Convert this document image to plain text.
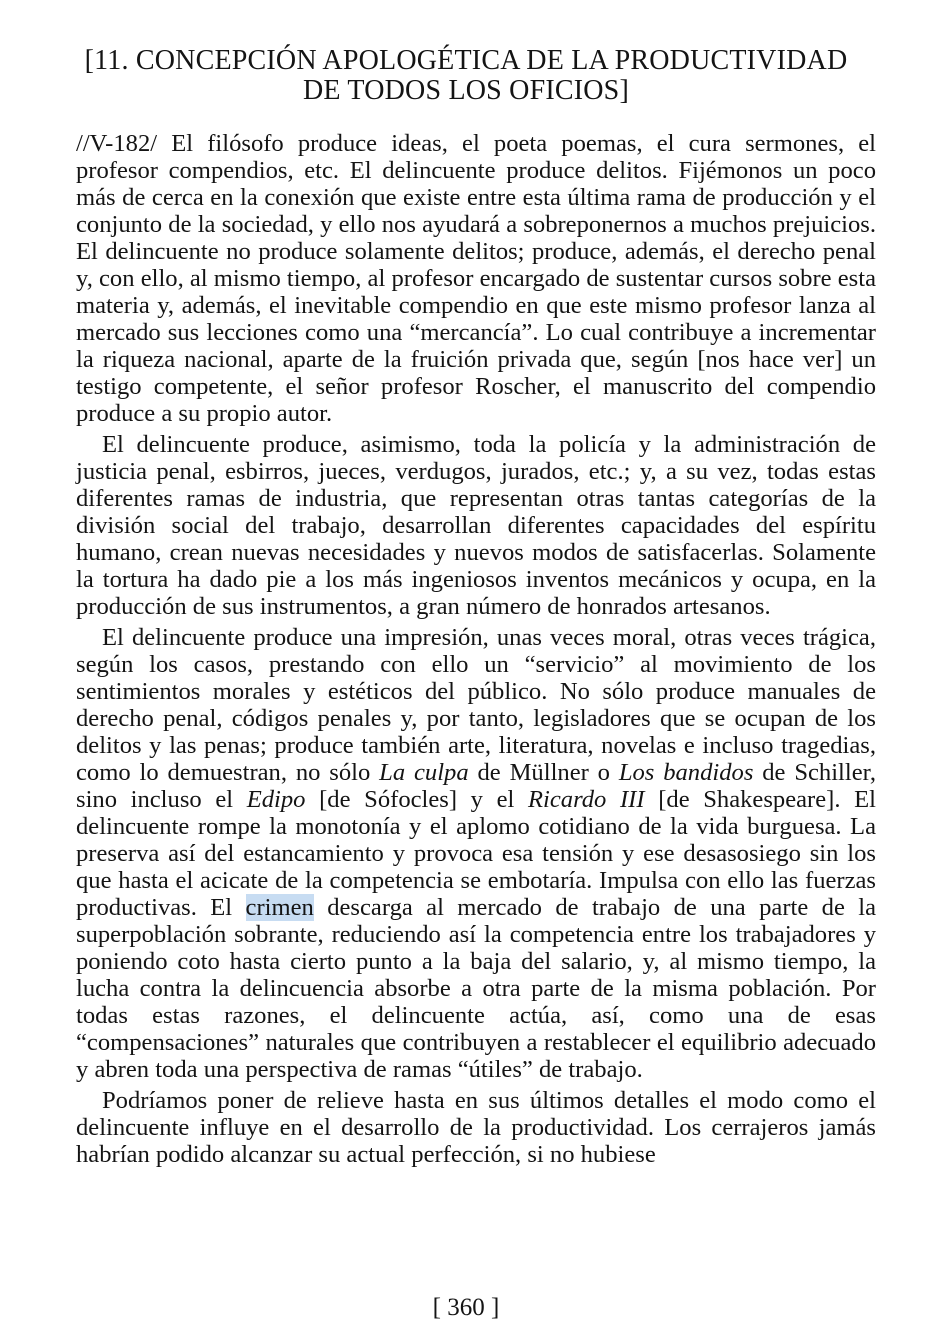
[11. CONCEPCIÓN APOLOGÉTICA DE LA PRODUCTIVIDAD
DE TODOS LOS OFICIOS]

//V-182/ El filósofo produce ideas, el poeta poemas, el cura sermones, el profesor compendios, etc. El delincuente produce delitos. Fijémonos un poco más de cerca en la conexión que existe entre esta última rama de producción y el conjunto de la sociedad, y ello nos ayudará a sobreponernos a muchos prejuicios. El delincuente no produce solamente delitos; produce, además, el derecho penal y, con ello, al mismo tiempo, al profesor encargado de sustentar cursos sobre esta materia y, además, el inevitable compendio en que este mismo profesor lanza al mercado sus lecciones como una “mercancía”. Lo cual contribuye a incrementar la riqueza nacional, aparte de la fruición privada que, según [nos hace ver] un testigo competente, el señor profesor Roscher, el manuscrito del compendio produce a su propio autor.

El delincuente produce, asimismo, toda la policía y la administración de justicia penal, esbirros, jueces, verdugos, jurados, etc.; y, a su vez, todas estas diferentes ramas de industria, que representan otras tantas categorías de la división social del trabajo, desarrollan diferentes capacidades del espíritu humano, crean nuevas necesidades y nuevos modos de satisfacerlas. Solamente la tortura ha dado pie a los más ingeniosos inventos mecánicos y ocupa, en la producción de sus instrumentos, a gran número de honrados artesanos.

El delincuente produce una impresión, unas veces moral, otras veces trágica, según los casos, prestando con ello un “servicio” al movimiento de los sentimientos morales y estéticos del público. No sólo produce manuales de derecho penal, códigos penales y, por tanto, legisladores que se ocupan de los delitos y las penas; produce también arte, literatura, novelas e incluso tragedias, como lo demuestran, no sólo La culpa de Müllner o Los bandidos de Schiller, sino incluso el Edipo [de Sófocles] y el Ricardo III [de Shakespeare]. El delincuente rompe la monotonía y el aplomo cotidiano de la vida burguesa. La preserva así del estancamiento y provoca esa tensión y ese desasosiego sin los que hasta el acicate de la competencia se embotaría. Impulsa con ello las fuerzas productivas. El crimen descarga al mercado de trabajo de una parte de la superpoblación sobrante, reduciendo así la competencia entre los trabajadores y poniendo coto hasta cierto punto a la baja del salario, y, al mismo tiempo, la lucha contra la delincuencia absorbe a otra parte de la misma población. Por todas estas razones, el delincuente actúa, así, como una de esas “compensaciones” naturales que contribuyen a restablecer el equilibrio adecuado y abren toda una perspectiva de ramas “útiles” de trabajo.

Podríamos poner de relieve hasta en sus últimos detalles el modo como el delincuente influye en el desarrollo de la productividad. Los cerrajeros jamás habrían podido alcanzar su actual perfección, si no hubiese

[ 360 ]
